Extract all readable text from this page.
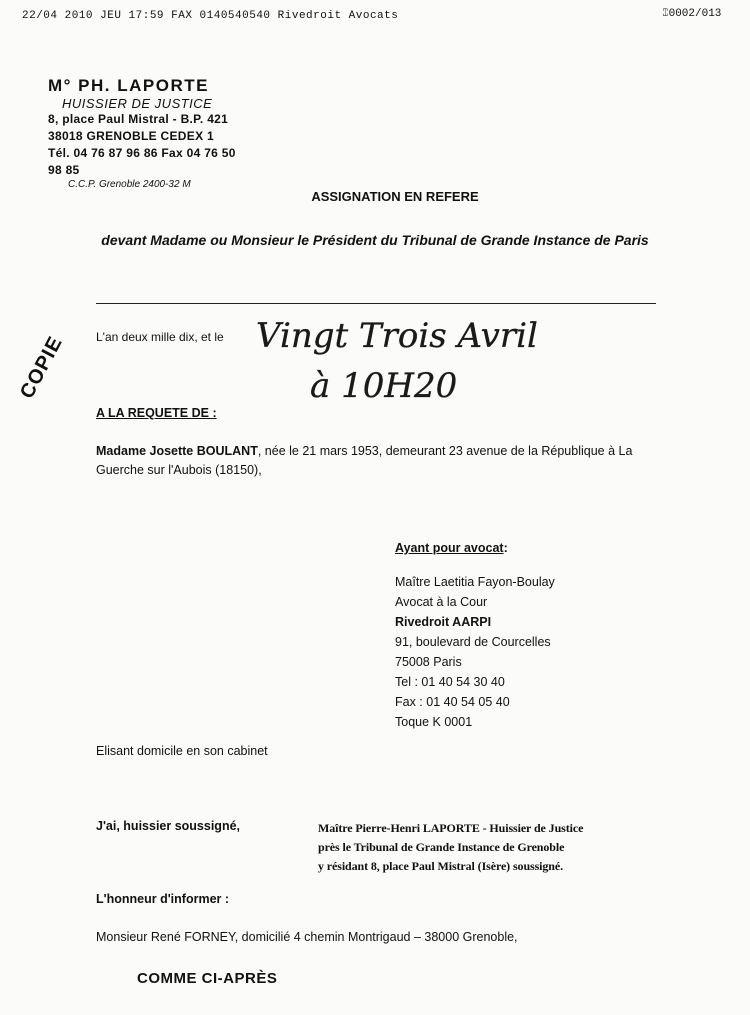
22/04 2010 JEU 17:59 FAX 0140540540 Rivedroit Avocats	⑄0002/013
M° PH. LAPORTE
HUISSIER DE JUSTICE
8, place Paul Mistral - B.P. 421
38018 GRENOBLE CEDEX 1
Tél. 04 76 87 96 86 Fax 04 76 50 98 85
C.C.P. Grenoble 2400-32 M
ASSIGNATION EN REFERE
devant Madame ou Monsieur le Président du Tribunal de Grande Instance de Paris
COPIE L'an deux mille dix, et le Vingt Trois Avril
à 10H20
A LA REQUETE DE :
Madame Josette BOULANT, née le 21 mars 1953, demeurant 23 avenue de la République à La Guerche sur l'Aubois (18150),
Ayant pour avocat:
Maître Laetitia Fayon-Boulay
Avocat à la Cour
Rivedroit AARPI
91, boulevard de Courcelles
75008 Paris
Tel : 01 40 54 30 40
Fax : 01 40 54 05 40
Toque K 0001
Elisant domicile en son cabinet
J'ai, huissier soussigné,	Maître Pierre-Henri LAPORTE - Huissier de Justice
près le Tribunal de Grande Instance de Grenoble
y résidant 8, place Paul Mistral (Isère) soussigné.
L'honneur d'informer :
Monsieur René FORNEY, domicilié 4 chemin Montrigaud – 38000 Grenoble,
COMME CI-APRÈS
